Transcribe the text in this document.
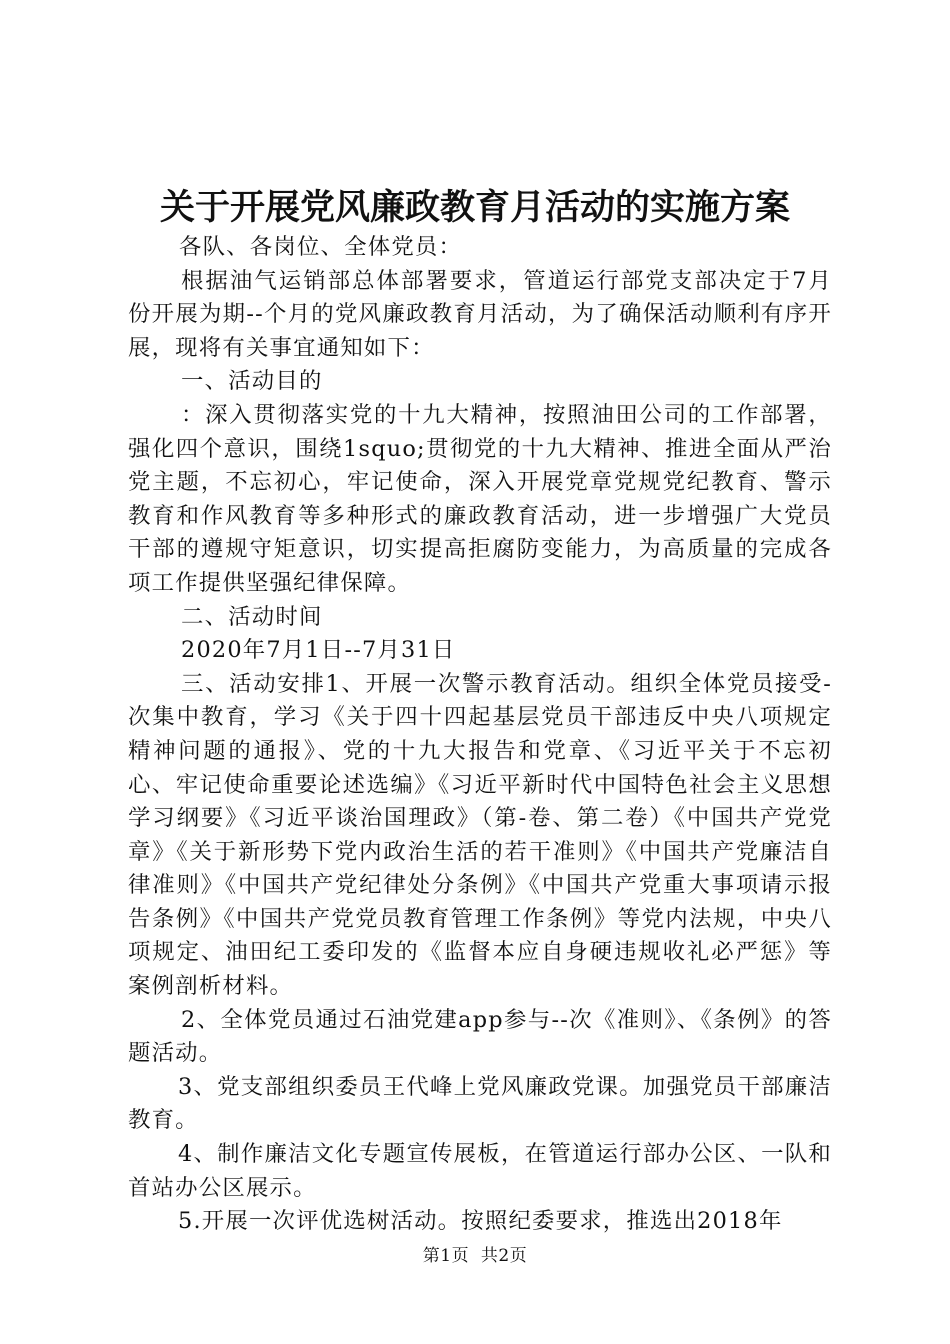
关于开展党风廉政教育月活动的实施方案

各队、各岗位、全体党员：

根据油气运销部总体部署要求，管道运行部党支部决定于7月份开展为期--个月的党风廉政教育月活动，为了确保活动顺利有序开展，现将有关事宜通知如下：

一、活动目的

：深入贯彻落实党的十九大精神，按照油田公司的工作部署，强化四个意识，围绕1squo;贯彻党的十九大精神、推进全面从严治党主题，不忘初心，牢记使命，深入开展党章党规党纪教育、警示教育和作风教育等多种形式的廉政教育活动，进一步增强广大党员干部的遵规守矩意识，切实提高拒腐防变能力，为高质量的完成各项工作提供坚强纪律保障。

二、活动时间

2020年7月1日--7月31日

三、活动安排1、开展一次警示教育活动。组织全体党员接受-次集中教育，学习《关于四十四起基层党员干部违反中央八项规定精神问题的通报》、党的十九大报告和党章、《习近平关于不忘初心、牢记使命重要论述选编》《习近平新时代中国特色社会主义思想学习纲要》《习近平谈治国理政》（第-卷、第二卷）《中国共产党党章》《关于新形势下党内政治生活的若干准则》《中国共产党廉洁自律准则》《中国共产党纪律处分条例》《中国共产党重大事项请示报告条例》《中国共产党党员教育管理工作条例》等党内法规，中央八项规定、油田纪工委印发的《监督本应自身硬违规收礼必严惩》等案例剖析材料。

2、全体党员通过石油党建app参与--次《准则》、《条例》的答题活动。

3、党支部组织委员王代峰上党风廉政党课。加强党员干部廉洁教育。

4、制作廉洁文化专题宣传展板，在管道运行部办公区、一队和首站办公区展示。

5.开展一次评优选树活动。按照纪委要求，推选出2018年

第1页 共2页
